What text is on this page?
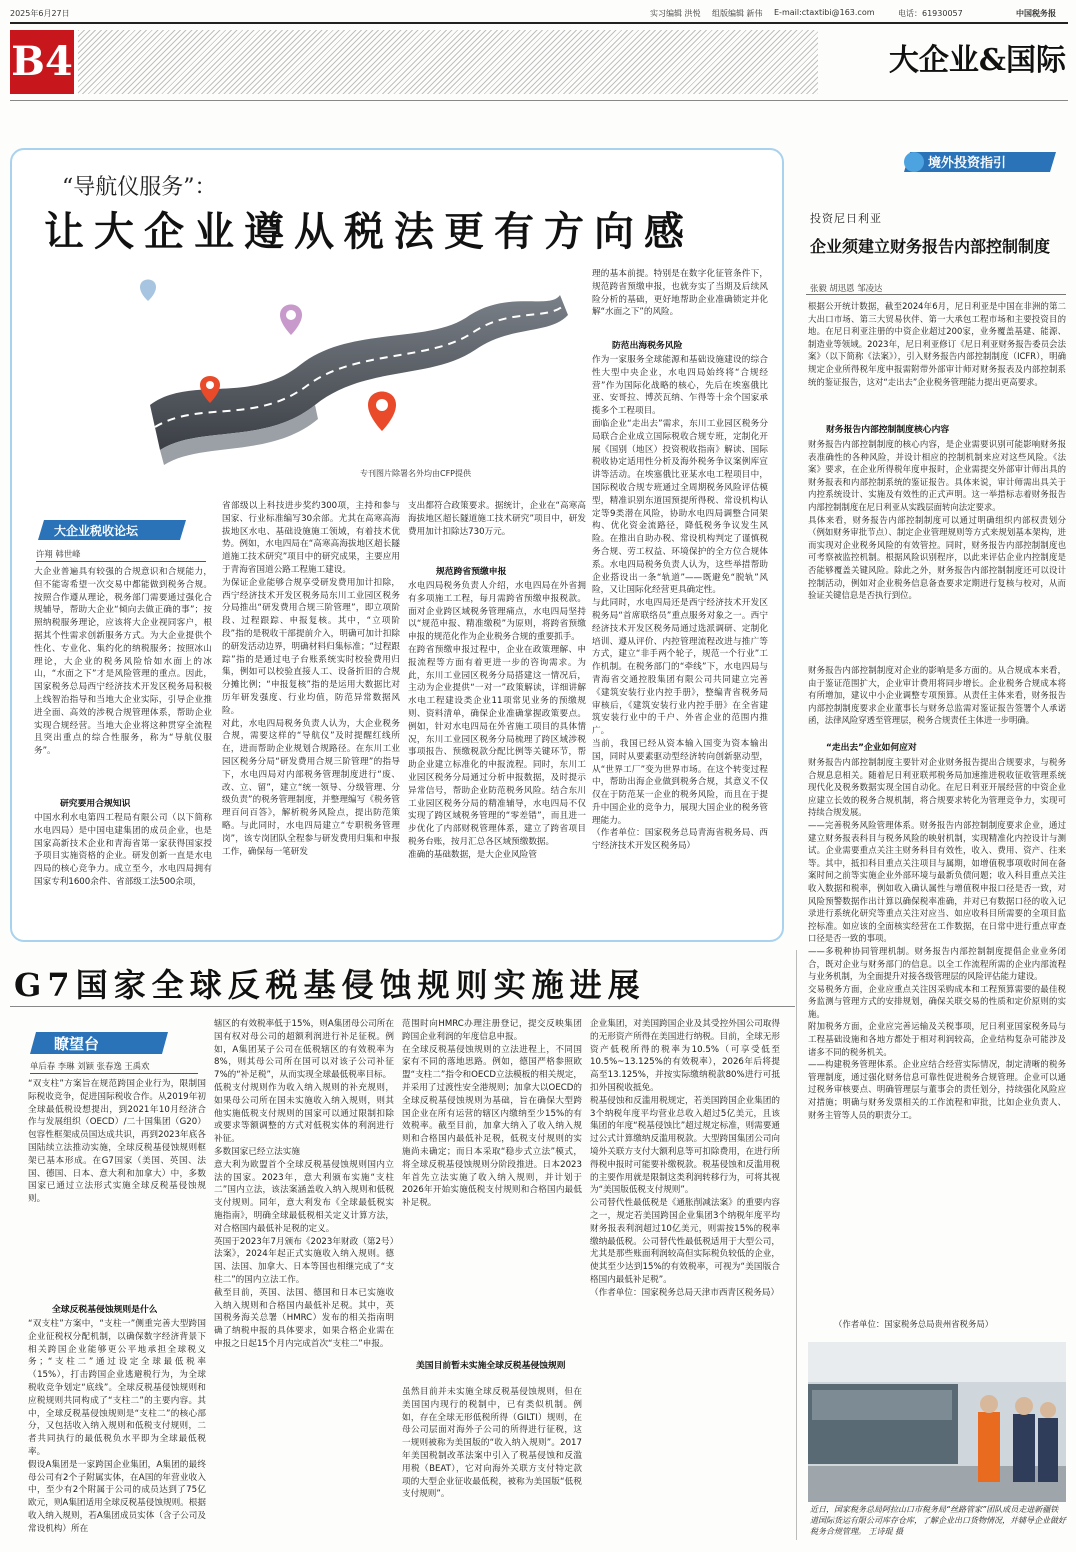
2025年6月27日	实习编辑 洪悦 组版编辑 新伟 E-mail:ctaxtibi@163.com	电话：61930057	中国税务报
B4	大企业&国际
“导航仪服务”：
让大企业遵从税法更有方向感
专刊图片除署名外均由CFP提供
大企业税收论坛
许翔 韩世峰
大企业普遍具有较强的合规意识和合规能力，但不能寄希望一次交易中都能做到税务合规。按照合作遵从理论，税务部门需要通过强化合规辅导，帮助大企业“倾向去做正确的事”；按照纳税服务理论，应该将大企业视同客户，根据其个性需求创新服务方式。为大企业提供个性化、专业化、集约化的纳税服务；按照冰山理论，大企业的税务风险恰如水面上的冰山，“水面之下”才是风险管理的重点。因此，国家税务总局西宁经济技术开发区税务局积极上线智治指导和当地大企业实际，引导企业推进全面、高效的涉税合规管理体系，帮助企业实现合规经营。当地大企业将这种贯穿全流程且突出重点的综合性服务，称为“导航仪服务”。
研究要用合规知识
中国水利水电第四工程局有限公司（以下简称水电四局）是中国电建集团的成员企业，也是国家高新技术企业和青海省第一家获得国家授予项目实施资格的企业。研发创新一直是水电四局的核心竞争力。成立至今，水电四局拥有国家专利1600余件、省部级工法500余项，
省部级以上科技进步奖约300项，主持和参与国家、行业标准编写30余部。尤其在高寒高海拔地区水电、基础设施施工领域，有着技术优势。例如，水电四局在“高寒高海拔地区超长隧道施工技术研究”项目中的研究成果，主要应用于青海省国道公路工程施工建设。
为保证企业能够合规享受研发费用加计扣除，西宁经济技术开发区税务局东川工业园区税务分局推出“研发费用合规三阶管理”，即立项阶段、过程跟踪、申报复核。其中，“立项阶段”指的是税收干部提前介入，明确可加计扣除的研发活动边界，明确材料归集标准；“过程跟踪”指的是通过电子台账系统实时校验费用归集，例如可以校验直接人工、设备折旧的合规分摊比例；“申报复核”指的是运用大数据比对历年研发强度、行业均值，防范异常数据风险。
对此，水电四局税务负责人认为，大企业税务合规，需要这样的“导航仪”及时提醒红线所在，进而帮助企业规划合规路径。在东川工业园区税务分局“研发费用合规三阶管理”的指导下，水电四局对内部税务管理制度进行“废、改、立、留”，建立“统一领导、分级管理、分级负责”的税务管理制度，并整理编写《税务管理百问百答》，解析税务风险点，提出防范策略。与此同时，水电四局建立“专职税务管理岗”，该专岗团队全程参与研发费用归集和申报工作，确保每一笔研发
支出都符合政策要求。据统计，企业在“高寒高海拔地区超长隧道施工技术研究”项目中，研发费用加计扣除达730万元。
规范跨省预缴申报
水电四局税务负责人介绍，水电四局在外省拥有多项施工工程，每月需跨省预缴申报税款。面对企业跨区域税务管理痛点，水电四局坚持以“规范申报、精准缴税”为原则，将跨省预缴申报的规范化作为企业税务合规的重要抓手。
在跨省预缴申报过程中，企业在政策理解、申报流程等方面有着更进一步的咨询需求。为此，东川工业园区税务分局搭建这一情况后，主动为企业提供“一对一”政策解读，详细讲解水电工程建设类企业11项常见业务的预缴规则、资料清单，确保企业准确掌握政策要点。例如，针对水电四局在外省施工项目的具体情况，东川工业园区税务分局梳理了跨区域涉税事项报告、预缴税款分配比例等关键环节，帮助企业建立标准化的申报流程。同时，东川工业园区税务分局通过分析申报数据，及时提示异常信号，帮助企业防范税务风险。结合东川工业园区税务分局的精准辅导，水电四局不仅实现了跨区域税务管理的“零差错”，而且进一步优化了内部财税管理体系，建立了跨省项目税务台账，按月汇总各区域预缴数据。
准确的基础数据，是大企业风险管
理的基本前提。特别是在数字化征管条件下，规范跨省预缴申报，也就夯实了当期及后续风险分析的基础，更好地帮助企业准确锁定并化解“水面之下”的风险。
防范出海税务风险
作为一家服务全球能源和基础设施建设的综合性大型中央企业，水电四局始终将“合规经营”作为国际化战略的核心，先后在埃塞俄比亚、安哥拉、博茨瓦纳、乍得等十余个国家承揽多个工程项目。
面临企业“走出去”需求，东川工业园区税务分局联合企业成立国际税收合规专班，定制化开展《国别（地区）投资税收指南》解读、国际税收协定适用性分析及海外税务争议案例库宣讲等活动。在埃塞俄比亚某水电工程项目中，国际税收合规专班通过全周期税务风险评估模型，精准识别东道国预提所得税、常设机构认定等9类潜在风险，协助水电四局调整合同架构、优化资金流路径，降低税务争议发生风险。在推出自助办税、常设机构判定了谨慎税务合规、劳工权益、环境保护的全方位合规体系。水电四局税务负责人认为，这些举措帮助企业搭设出一条“轨道”——既避免“脱轨”风险，又让国际化经营更具确定性。
与此同时，水电四局还是西宁经济技术开发区税务局“首席联络员”重点服务对象之一。西宁经济技术开发区税务局通过选派调研、定制化培训、遵从评价、内控管理流程改进与推广等方式，建立“非手两个轮子，规范一个行业”工作机制。在税务部门的“牵线”下，水电四局与青海省交通控股集团有限公司共同建立完善《建筑安装行业内控手册》，整编青省税务局审核后，《建筑安装行业内控手册》在全省建筑安装行业中的千户、外省企业的范围内推广。
当前，我国已经从资本输入国变为资本输出国，同时从要素驱动型经济转向创新驱动型，从“世界工厂”变为世界市场。在这个转变过程中，帮助出海企业做到税务合规，其意义不仅仅在于防范某一企业的税务风险，而且在于提升中国企业的竞争力，展现大国企业的税务管理能力。
（作者单位：国家税务总局青海省税务局、西宁经济技术开发区税务局）
境外投资指引
投资尼日利亚
企业须建立财务报告内部控制制度
张毅 胡迅恩 邹凌达
根据公开统计数据，截至2024年6月，尼日利亚是中国在非洲的第二大出口市场、第三大贸易伙伴、第一大承包工程市场和主要投资目的地。在尼日利亚注册的中资企业超过200家，业务覆盖基建、能源、制造业等领域。2023年，尼日利亚修订《尼日利亚财务报告委员会法案》（以下简称《法案》），引入财务报告内部控制制度（ICFR），明确规定企业所得税年度申报需附带外部审计师对财务报表及内部控制系统的鉴证报告，这对“走出去”企业税务管理能力提出更高要求。
财务报告内部控制制度核心内容
财务报告内部控制制度的核心内容，是企业需要识别可能影响财务报表准确性的各种风险，并设计相应的控制机制来应对这些风险。《法案》要求，在企业所得税年度申报时，企业需提交外部审计师出具的财务报表和内部控制系统的鉴证报告。具体来说，审计师需出具关于内控系统设计、实施及有效性的正式声明。这一举措标志着财务报告内部控制制度在尼日利亚从实践层面转向法定要求。
具体来看，财务报告内部控制制度可以通过明确组织内部权责划分（例如财务审批节点）、制定企业管理规则等方式来规划基本架构，进而实现对企业税务风险的有效管控。同时，财务报告内部控制制度也可考察被监控机制。根据风险识别程序，以此来评估企业内控制度是否能够覆盖关键风险。除此之外，财务报告内部控制制度还可以设计控制活动，例如对企业税务信息备查要求定期进行复核与校对，从而验证关键信息是否执行到位。
财务报告内部控制制度对企业的影响是多方面的。从合规成本来看，由于鉴证范围扩大，企业审计费用将同步增长。企业税务合规成本将有所增加，建议中小企业调整专项预算。从责任主体来看，财务报告内部控制制度要求企业董事长与财务总监需对鉴证报告签署个人承诺函，法律风险穿透至管理层，税务合规责任主体进一步明确。
“走出去”企业如何应对
财务报告内部控制制度主要针对企业财务报告提出合规要求，与税务合规息息相关。随着尼日利亚联邦税务局加速推进税收征收管理系统现代化及税务数据实现全国自动化。在尼日利亚开展经营的中资企业应建立长效的税务合规机制，将合规要求转化为管理竞争力，实现可持续合规发展。
——完善税务风险管理体系。财务报告内部控制制度要求企业，通过建立财务报表科目与税务风险的映射机制，实现精准化内控设计与测试。企业需要重点关注主财务科目有效性，收入、费用、资产、往来等。其中，抵扣科目重点关注项目与属期，如增值税事项收时间在备案时间之前等实施企业外部环境与最新负债问题；收入科目重点关注收入数据和税率，例如收入确认属性与增值税申报口径是否一致，对风险预警数据作出计算以确保税率准确，并对已有数据口径的收入记录进行系统化研究等重点关注对应当、如应收科目所需要的全项目监控标准。如应该的全面核实经营在工作数据，在日常中进行重点审查口径是否一致的事项。
——多税种协同管理机制。财务报告内部控制制度提倡企业业务闭合，既对企业与财务部门的信息。以全工作流程所需的企业内部流程与业务机制，为全面提升对接各级管理层的风险评估能力建设。
交易税务方面，企业应重点关注因采购成本和工程预算需要的最佳税务监测与管理方式的安排规划，确保关联交易的性质和定价原则的实施。
附加税务方面，企业应完善运输及关税事项，尼日利亚国家税务局与工程基础设施和各地方都处于相对利润较高，企业结构复杂可能涉及诸多不同的税务机关。
——构建税务管理体系。企业应结合经营实际情况，制定清晰的税务管理制度，通过强化财务信息可靠性促进税务合规管理。企业可以通过税务审核要点、明确管理层与董事会的责任划分，持续强化风险应对措施；明确与财务发票相关的工作流程和审批，比如企业负责人、财务主管等人员的职责分工。
（作者单位：国家税务总局贵州省税务局）
近日，国家税务总局阿拉山口市税务局“丝路管家”团队成员走进新疆铁道国际货运有限公司库存仓库，了解企业出口货物情况，并辅导企业做好税务合规管理。 王诗琨 摄
G7国家全球反税基侵蚀规则实施进展
瞭望台
单后春 李琳 刘颖 张春逸 王禹欢
“双支柱”方案旨在规范跨国企业行为，限制国际税收竞争，促进国际税收合作。从2019年初全球最低税设想提出，到2021年10月经济合作与发展组织（OECD）/二十国集团（G20）包容性框架成员国达成共识，再到2023年底各国陆续立法推动实施，全球反税基侵蚀规则框架已基本形成。在G7国家（美国、英国、法国、德国、日本、意大利和加拿大）中，多数国家已通过立法形式实施全球反税基侵蚀规则。
全球反税基侵蚀规则是什么
“双支柱”方案中，“支柱一”侧重完善大型跨国企业征税权分配机制，以确保数字经济背景下相关跨国企业能够更公平地承担全球税义务；“支柱二”通过设定全球最低税率（15%），打击跨国企业逃避税行为，为全球税收竞争划定“底线”。全球反税基侵蚀规则和应税规则共同构成了“支柱二”的主要内容。其中，全球反税基侵蚀规则是“支柱二”的核心部分，又包括收入纳入规则和低税支付规则，二者共同执行的最低税负水平即为全球最低税率。
假设A集团是一家跨国企业集团，A集团的最终母公司有2个子附属实体，在A国的年营业收入中，至少有2个附属于公司的成员达到了75亿欧元，则A集团适用全球反税基侵蚀规则。根据收入纳入规则，若A集团成员实体（含子公司及常设机构）所在
辖区的有效税率低于15%，则A集团母公司所在国有权对母公司的超额利润进行补足征税。例如，A集团某子公司在低税辖区的有效税率为8%，则其母公司所在国可以对该子公司补征7%的“补足税”，从而实现全球最低税率目标。
低税支付规则作为收入纳入规则的补充规则，如果母公司所在国未实施收入纳入规则，则其他实施低税支付规则的国家可以通过限制扣除或要求等额调整的方式对低税实体的利润进行补征。
多数国家已经立法实施
意大利为欧盟首个全球反税基侵蚀规则国内立法的国家。2023年，意大利颁布实施“支柱二”国内立法，该法案涵盖收入纳入规则和低税支付规则。同年，意大利发布《全球最低税实施指南》，明确全球最低税相关定义计算方法，对合格国内最低补足税的定义。
英国于2023年7月颁布《2023年财政（第2号）法案》，2024年起正式实施收入纳入规则。德国、法国、加拿大、日本等国也相继完成了“支柱二”的国内立法工作。
截至目前，英国、法国、德国和日本已实施收入纳入规则和合格国内最低补足税。其中，英国税务海关总署（HMRC）发布的相关指南明确了纳税申报的具体要求，如果合格企业需在申报之日起15个月内完成首次“支柱二”申报。
范围时向HMRC办理注册登记，提交反映集团跨国企业利润的年度信息申报。
在全球反税基侵蚀规则的立法进程上，不同国家有不同的落地思路。例如，德国严格参照欧盟“支柱二”指令和OECD立法模板的相关规定，并采用了过渡性安全港规则；加拿大以OECD的全球反税基侵蚀规则为基础，旨在确保大型跨国企业在所有运营的辖区内缴纳至少15%的有效税率。截至目前，加拿大纳入了收入纳入规则和合格国内最低补足税，低税支付规则的实施尚未确定；而日本采取“稳步式立法”模式，将全球反税基侵蚀规则分阶段推进。日本2023年首先立法实施了收入纳入规则，并计划于2026年开始实施低税支付规则和合格国内最低补足税。
美国目前暂未实施全球反税基侵蚀规则
虽然目前并未实施全球反税基侵蚀规则，但在美国国内现行的税制中，已有类似机制。例如，存在全球无形低税所得（GILTI）规则，在母公司层面对海外子公司的所得进行征税，这一规则被称为美国版的“收入纳入规则”。2017年美国税制改革法案中引入了税基侵蚀和反滥用税（BEAT），它对向海外关联方支付特定款项的大型企业征收最低税，被称为美国版“低税支付规则”。

企业集团，对美国跨国企业及其受控外国公司取得的无形资产所得在美国进行纳税。目前，全球无形资产低税所得的税率为10.5%（可享受低至10.5%~13.125%的有效税率），2026年后将提高至13.125%，并按实际缴纳税款80%进行可抵扣外国税收抵免。
税基侵蚀和反滥用税规定，若美国跨国企业集团的3个纳税年度平均营业总收入超过5亿美元，且该集团的年度“税基侵蚀比”超过规定标准，则需要通过公式计算缴纳反滥用税款。大型跨国集团公司向境外关联方支付大额利息等可扣除费用，在进行所得税申报时可能要补缴税款。税基侵蚀和反滥用税的主要作用就是限制这类利润转移行为，可将其视为“美国版低税支付规则”。
公司替代性最低税是《通胀削减法案》的重要内容之一，规定若美国跨国企业集团3个纳税年度平均财务报表利润超过10亿美元，则需按15%的税率缴纳最低税。公司替代性最低税适用于大型公司，尤其是那些账面利润较高但实际税负较低的企业，使其至少达到15%的有效税率，可视为“美国版合格国内最低补足税”。
（作者单位：国家税务总局天津市西青区税务局）
